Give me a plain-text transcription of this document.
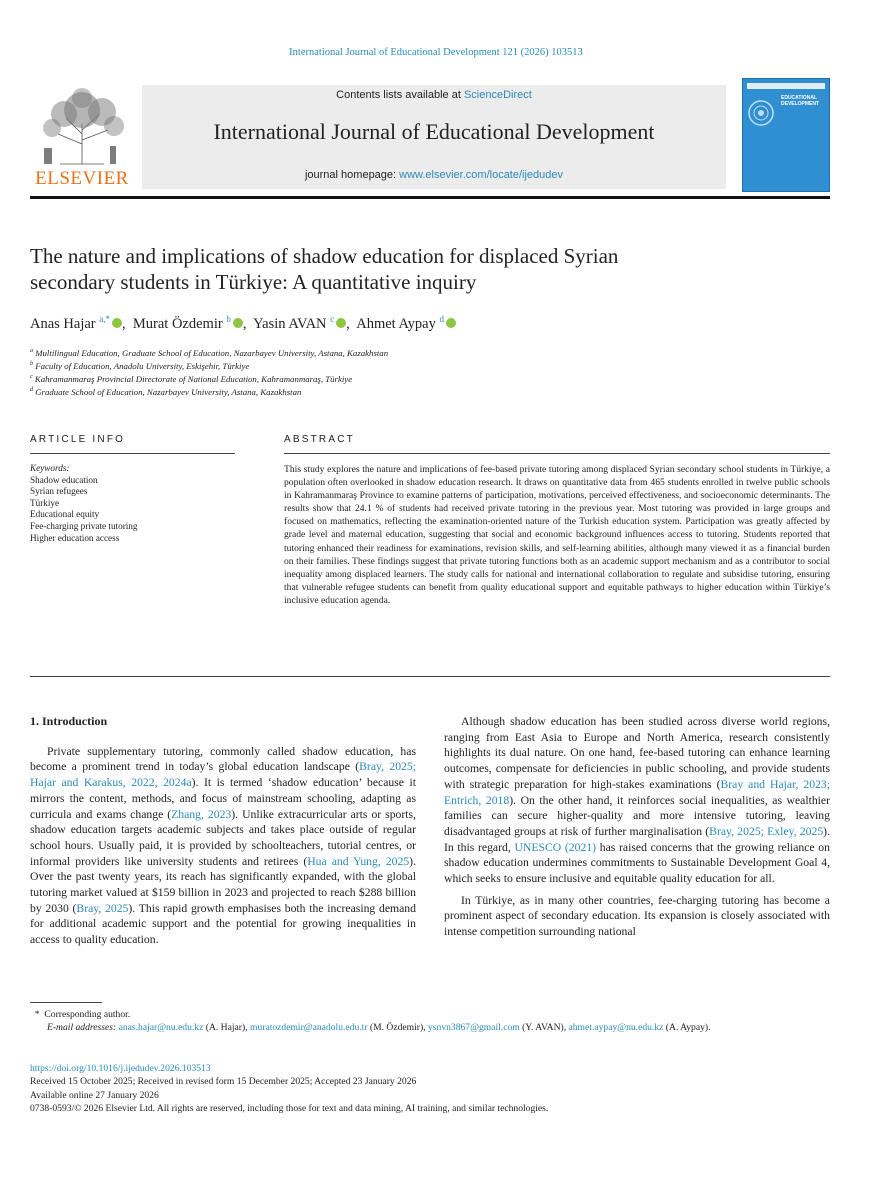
International Journal of Educational Development 121 (2026) 103513
ELSEVIER
Contents lists available at ScienceDirect
International Journal of Educational Development
journal homepage: www.elsevier.com/locate/ijedudev
EDUCATIONAL
DEVELOPMENT
The nature and implications of shadow education for displaced Syrian
secondary students in Türkiye: A quantitative inquiry
Anas Hajar $^{a,*}$ ,  Murat Özdemir $^b$ ,  Yasin AVAN $^c$ ,  Ahmet Aypay $^d$
$^a$ Multilingual Education, Graduate School of Education, Nazarbayev University, Astana, Kazakhstan
$^b$ Faculty of Education, Anadolu University, Eskişehir, Türkiye
$^c$ Kahramanmaraş Provincial Directorate of National Education, Kahramanmaraş, Türkiye
$^d$ Graduate School of Education, Nazarbayev University, Astana, Kazakhstan
ARTICLE INFO	ABSTRACT
Keywords:
Shadow education
Syrian refugees
Türkiye
Educational equity
Fee-charging private tutoring
Higher education access
This study explores the nature and implications of fee-based private tutoring among displaced Syrian secondary school students in Türkiye, a population often overlooked in shadow education research. It draws on quantitative data from 465 students enrolled in twelve public schools in Kahramanmaraş Province to examine patterns of participation, motivations, perceived effectiveness, and socioeconomic determinants. The results show that 24.1 % of students had received private tutoring in the previous year. Most tutoring was provided in large groups and focused on mathematics, reflecting the examination-oriented nature of the Turkish education system. Participation was greatly affected by grade level and maternal education, suggesting that social and economic background influences access to tutoring. Students reported that tutoring enhanced their readiness for examinations, revision skills, and self-learning abilities, although many viewed it as a financial burden on their families. These findings suggest that private tutoring functions both as an academic support mechanism and as a contributor to social inequality among displaced learners. The study calls for national and international collaboration to regulate and subsidise tutoring, ensuring that vulnerable refugee students can benefit from quality educational support and equitable pathways to higher education within Türkiye’s inclusive education agenda.
1. Introduction

Private supplementary tutoring, commonly called shadow education, has become a prominent trend in today’s global education landscape (Bray, 2025; Hajar and Karakus, 2022, 2024a). It is termed ‘shadow education’ because it mirrors the content, methods, and focus of mainstream schooling, adapting as curricula and exams change (Zhang, 2023). Unlike extracurricular arts or sports, shadow education targets academic subjects and takes place outside of regular school hours. Usually paid, it is provided by schoolteachers, tutorial centres, or informal providers like university students and retirees (Hua and Yung, 2025). Over the past twenty years, its reach has significantly expanded, with the global tutoring market valued at $159 billion in 2023 and projected to reach $288 billion by 2030 (Bray, 2025). This rapid growth emphasises both the increasing demand for additional academic support and the potential for growing inequalities in access to quality education.

Although shadow education has been studied across diverse world regions, ranging from East Asia to Europe and North America, research consistently highlights its dual nature. On one hand, fee-based tutoring can enhance learning outcomes, compensate for deficiencies in public schooling, and provide students with strategic preparation for high-stakes examinations (Bray and Hajar, 2023; Entrich, 2018). On the other hand, it reinforces social inequalities, as wealthier families can secure higher-quality and more intensive tutoring, leaving disadvantaged groups at risk of further marginalisation (Bray, 2025; Exley, 2025). In this regard, UNESCO (2021) has raised concerns that the growing reliance on shadow education undermines commitments to Sustainable Development Goal 4, which seeks to ensure inclusive and equitable quality education for all.

In Türkiye, as in many other countries, fee-charging tutoring has become a prominent aspect of secondary education. Its expansion is closely associated with intense competition surrounding national

*  Corresponding author.
E-mail addresses: anas.hajar@nu.edu.kz (A. Hajar), muratozdemir@anadolu.edu.tr (M. Özdemir), ysnvn3867@gmail.com (Y. AVAN), ahmet.aypay@nu.edu.kz (A. Aypay).
https://doi.org/10.1016/j.ijedudev.2026.103513
Received 15 October 2025; Received in revised form 15 December 2025; Accepted 23 January 2026
Available online 27 January 2026
0738-0593/© 2026 Elsevier Ltd. All rights are reserved, including those for text and data mining, AI training, and similar technologies.
